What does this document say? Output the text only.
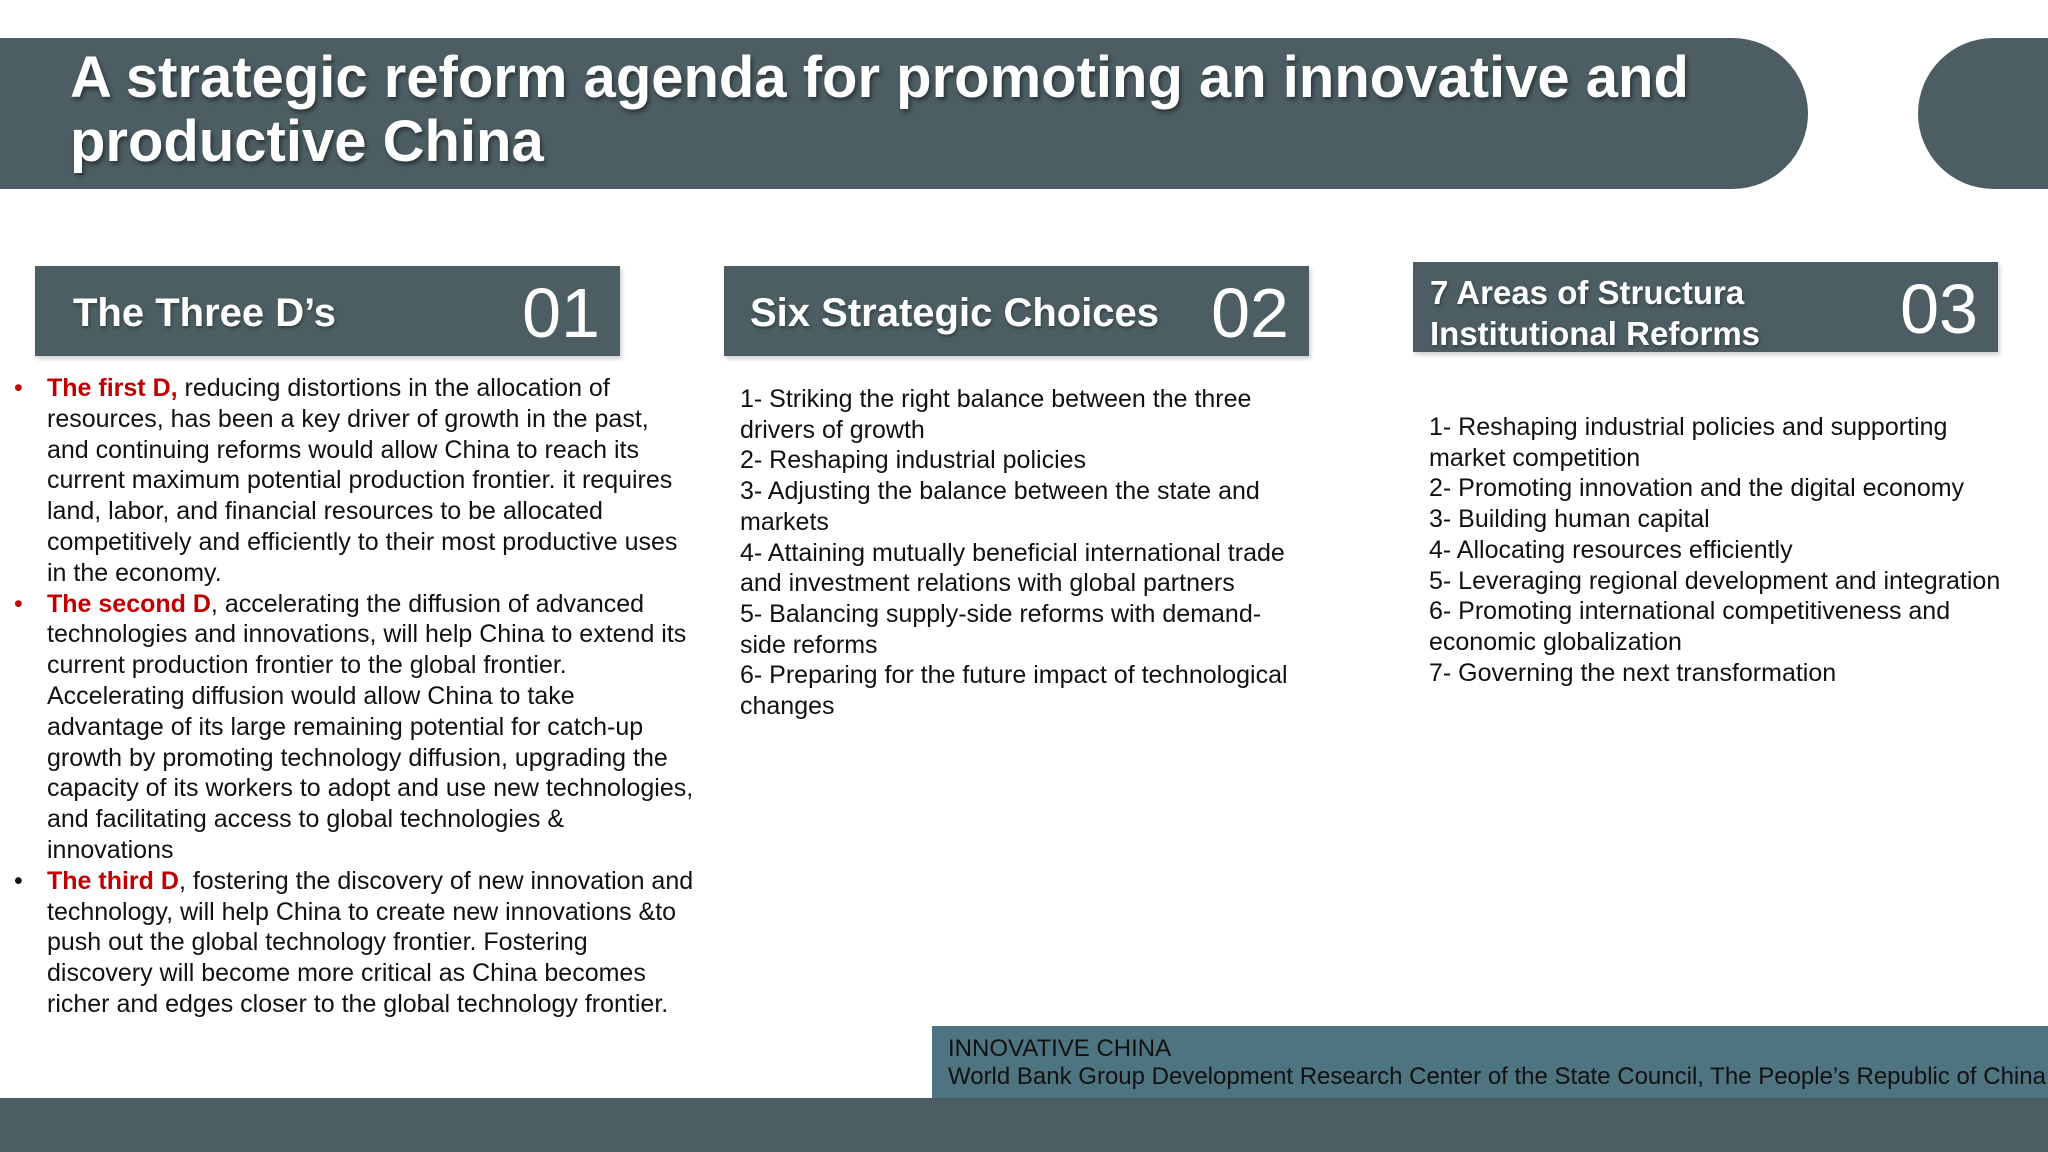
A strategic reform agenda for promoting an innovative and productive China
The Three D’s	01	Six Strategic Choices 02	7 Areas of Structura
Institutional Reforms 03
• The first D, reducing distortions in the allocation of resources, has been a key driver of growth in the past, and continuing reforms would allow China to reach its current maximum potential production frontier. it requires land, labor, and financial resources to be allocated competitively and efficiently to their most productive uses in the economy.
• The second D, accelerating the diffusion of advanced technologies and innovations, will help China to extend its current production frontier to the global frontier. Accelerating diffusion would allow China to take advantage of its large remaining potential for catch-up growth by promoting technology diffusion, upgrading the capacity of its workers to adopt and use new technologies, and facilitating access to global technologies & innovations
• The third D, fostering the discovery of new innovation and technology, will help China to create new innovations &to push out the global technology frontier. Fostering discovery will become more critical as China becomes richer and edges closer to the global technology frontier.
1- Striking the right balance between the three drivers of growth
2- Reshaping industrial policies
3- Adjusting the balance between the state and markets
4- Attaining mutually beneficial international trade and investment relations with global partners
5- Balancing supply-side reforms with demand-side reforms
6- Preparing for the future impact of technological changes
1- Reshaping industrial policies and supporting market competition
2- Promoting innovation and the digital economy
3- Building human capital
4- Allocating resources efficiently
5- Leveraging regional development and integration
6- Promoting international competitiveness and economic globalization
7- Governing the next transformation
INNOVATIVE CHINA
World Bank Group Development Research Center of the State Council, The People’s Republic of China
